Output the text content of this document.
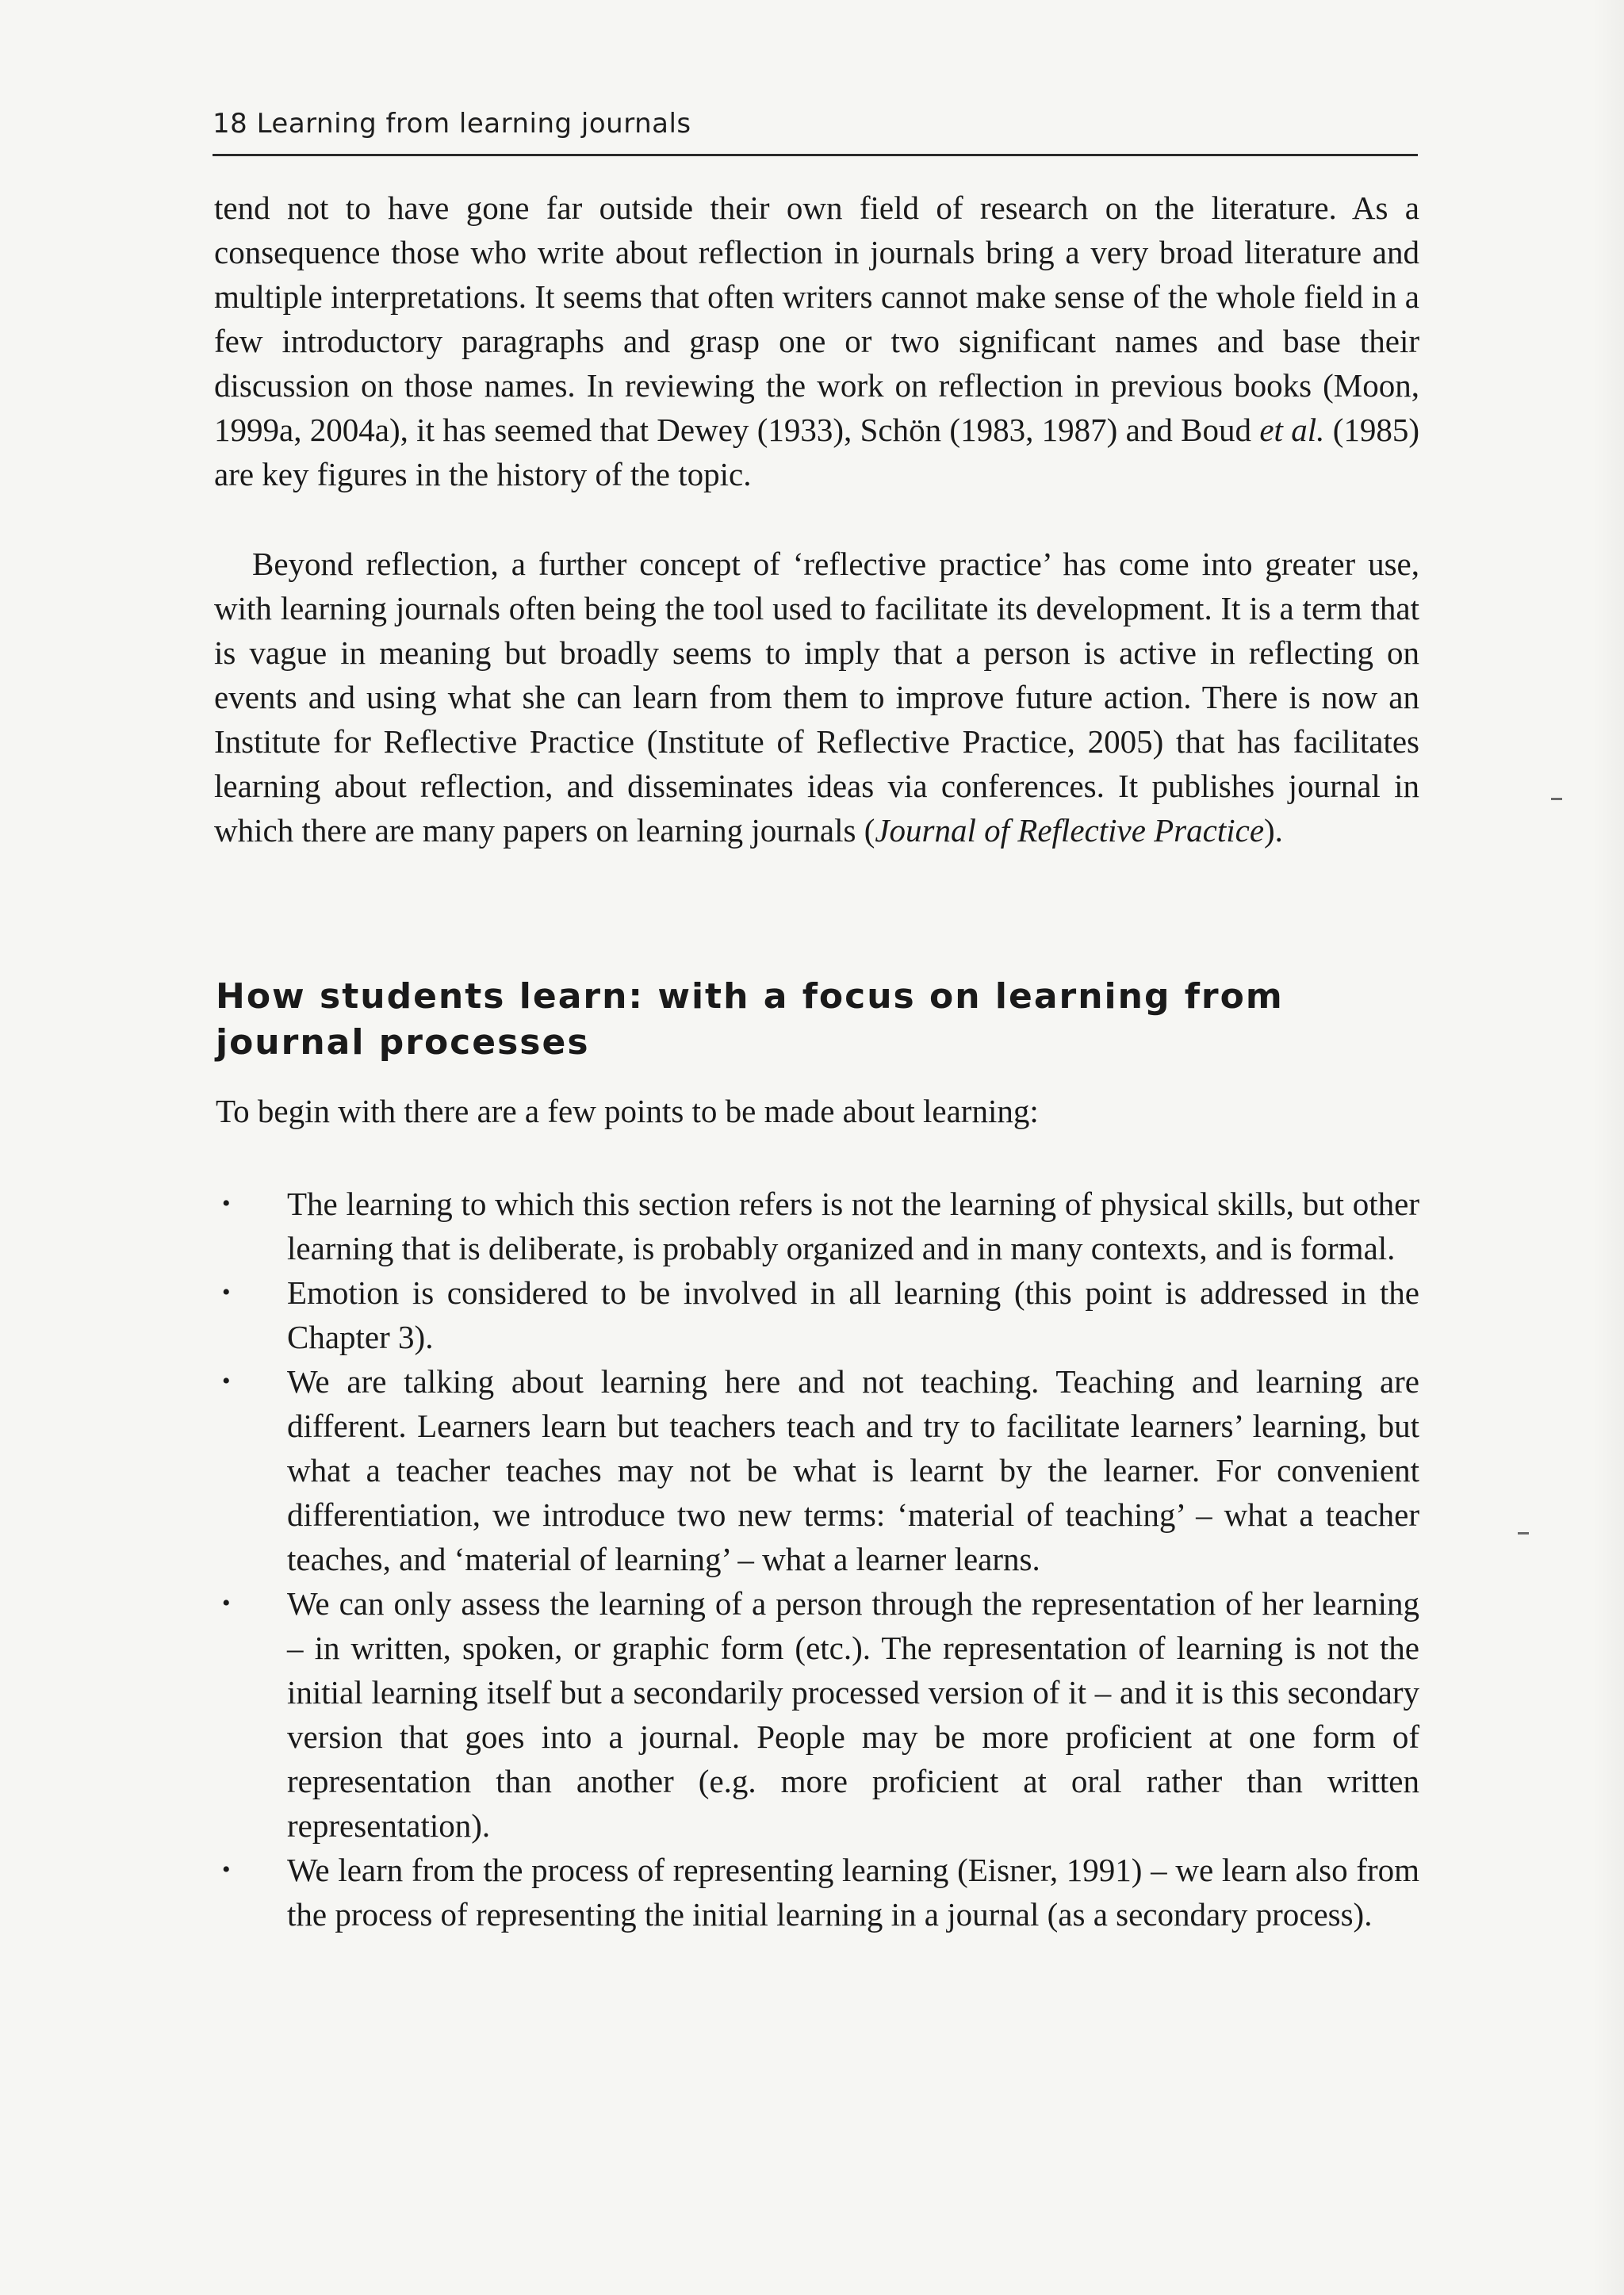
18 Learning from learning journals
tend not to have gone far outside their own field of research on the literature. As a consequence those who write about reflection in journals bring a very broad literature and multiple interpretations. It seems that often writers cannot make sense of the whole field in a few introductory paragraphs and grasp one or two significant names and base their discussion on those names. In reviewing the work on reflection in previous books (Moon, 1999a, 2004a), it has seemed that Dewey (1933), Schön (1983, 1987) and Boud et al. (1985) are key figures in the history of the topic.
Beyond reflection, a further concept of ‘reflective practice’ has come into greater use, with learning journals often being the tool used to facilitate its development. It is a term that is vague in meaning but broadly seems to imply that a person is active in reflecting on events and using what she can learn from them to improve future action. There is now an Institute for Reflective Practice (Institute of Reflective Practice, 2005) that has facilitates learning about reflection, and disseminates ideas via conferences. It publishes journal in which there are many papers on learning journals (Journal of Reflective Practice).
How students learn: with a focus on learning from journal processes
To begin with there are a few points to be made about learning:
• The learning to which this section refers is not the learning of physical skills, but other learning that is deliberate, is probably organized and in many contexts, and is formal.
• Emotion is considered to be involved in all learning (this point is addressed in the Chapter 3).
• We are talking about learning here and not teaching. Teaching and learning are different. Learners learn but teachers teach and try to facilitate learners’ learning, but what a teacher teaches may not be what is learnt by the learner. For convenient differentiation, we introduce two new terms: ‘material of teaching’ – what a teacher teaches, and ‘material of learning’ – what a learner learns.
• We can only assess the learning of a person through the representation of her learning – in written, spoken, or graphic form (etc.). The representation of learning is not the initial learning itself but a secondarily processed version of it – and it is this secondary version that goes into a journal. People may be more proficient at one form of representation than another (e.g. more proficient at oral rather than written representation).
• We learn from the process of representing learning (Eisner, 1991) – we learn also from the process of representing the initial learning in a journal (as a secondary process).
